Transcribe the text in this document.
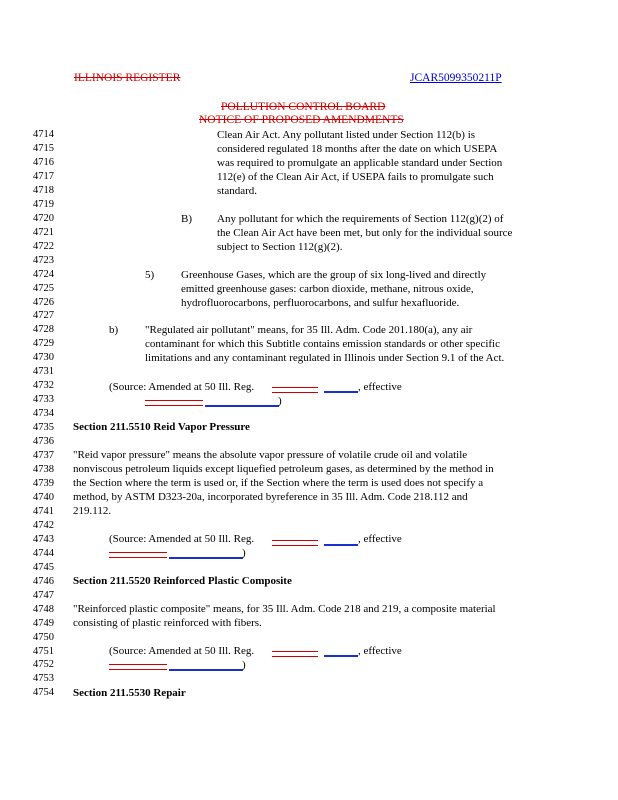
ILLINOIS REGISTER	JCAR5099350211P
POLLUTION CONTROL BOARD
NOTICE OF PROPOSED AMENDMENTS
4714
4715
4716
4717
4718
4719
4720
4721
4722
4723
4724
4725
4726
4727
4728
4729
4730
4731
4732
4733
4734
4735
4736
4737
4738
4739
4740
4741
4742
4743
4744
4745
4746
4747
4748
4749
4750
4751
4752
4753
4754
Clean Air Act. Any pollutant listed under Section 112(b) is
considered regulated 18 months after the date on which USEPA
was required to promulgate an applicable standard under Section
112(e) of the Clean Air Act, if USEPA fails to promulgate such
standard.
B) Any pollutant for which the requirements of Section 112(g)(2) of
the Clean Air Act have been met, but only for the individual source
subject to Section 112(g)(2).
5) Greenhouse Gases, which are the group of six long-lived and directly
emitted greenhouse gases: carbon dioxide, methane, nitrous oxide,
hydrofluorocarbons, perfluorocarbons, and sulfur hexafluoride.
b) "Regulated air pollutant" means, for 35 Ill. Adm. Code 201.180(a), any air
contaminant for which this Subtitle contains emission standards or other specific
limitations and any contaminant regulated in Illinois under Section 9.1 of the Act.
(Source: Amended at 50 Ill. Reg.	, effective
)
Section 211.5510 Reid Vapor Pressure
"Reid vapor pressure" means the absolute vapor pressure of volatile crude oil and volatile
nonviscous petroleum liquids except liquefied petroleum gases, as determined by the method in
the Section where the term is used or, if the Section where the term is used does not specify a
method, by ASTM D323-20a, incorporated byreference in 35 Ill. Adm. Code 218.112 and
219.112.
(Source: Amended at 50 Ill. Reg.	, effective
)
Section 211.5520 Reinforced Plastic Composite
"Reinforced plastic composite" means, for 35 Ill. Adm. Code 218 and 219, a composite material
consisting of plastic reinforced with fibers.
(Source: Amended at 50 Ill. Reg.	, effective
)
Section 211.5530 Repair
